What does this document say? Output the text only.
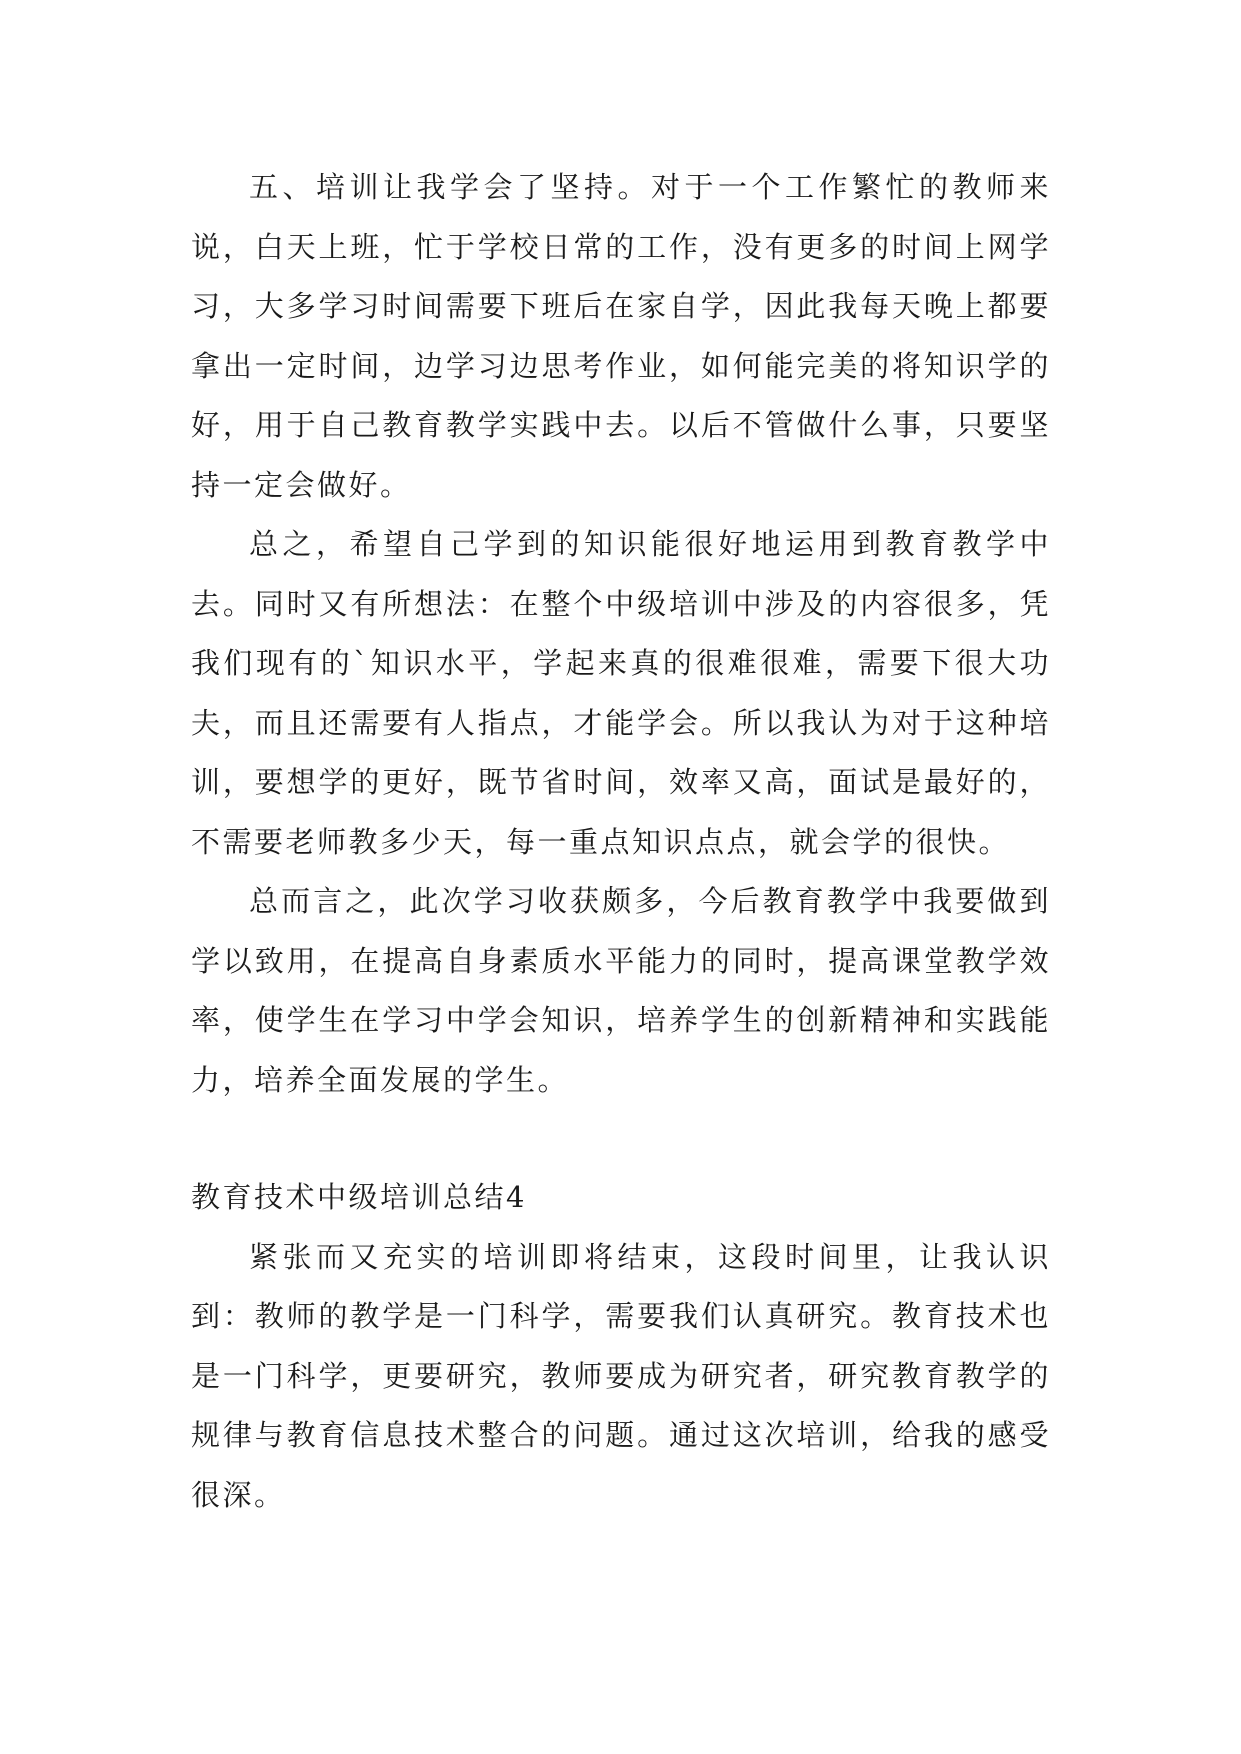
五、培训让我学会了坚持。对于一个工作繁忙的教师来说，白天上班，忙于学校日常的工作，没有更多的时间上网学习，大多学习时间需要下班后在家自学，因此我每天晚上都要拿出一定时间，边学习边思考作业，如何能完美的将知识学的好，用于自己教育教学实践中去。以后不管做什么事，只要坚持一定会做好。

总之，希望自己学到的知识能很好地运用到教育教学中去。同时又有所想法：在整个中级培训中涉及的内容很多，凭我们现有的`知识水平，学起来真的很难很难，需要下很大功夫，而且还需要有人指点，才能学会。所以我认为对于这种培训，要想学的更好，既节省时间，效率又高，面试是最好的，不需要老师教多少天，每一重点知识点点，就会学的很快。

总而言之，此次学习收获颇多，今后教育教学中我要做到学以致用，在提高自身素质水平能力的同时，提高课堂教学效率，使学生在学习中学会知识，培养学生的创新精神和实践能力，培养全面发展的学生。

教育技术中级培训总结4

紧张而又充实的培训即将结束，这段时间里，让我认识到：教师的教学是一门科学，需要我们认真研究。教育技术也是一门科学，更要研究，教师要成为研究者，研究教育教学的规律与教育信息技术整合的问题。通过这次培训，给我的感受很深。
